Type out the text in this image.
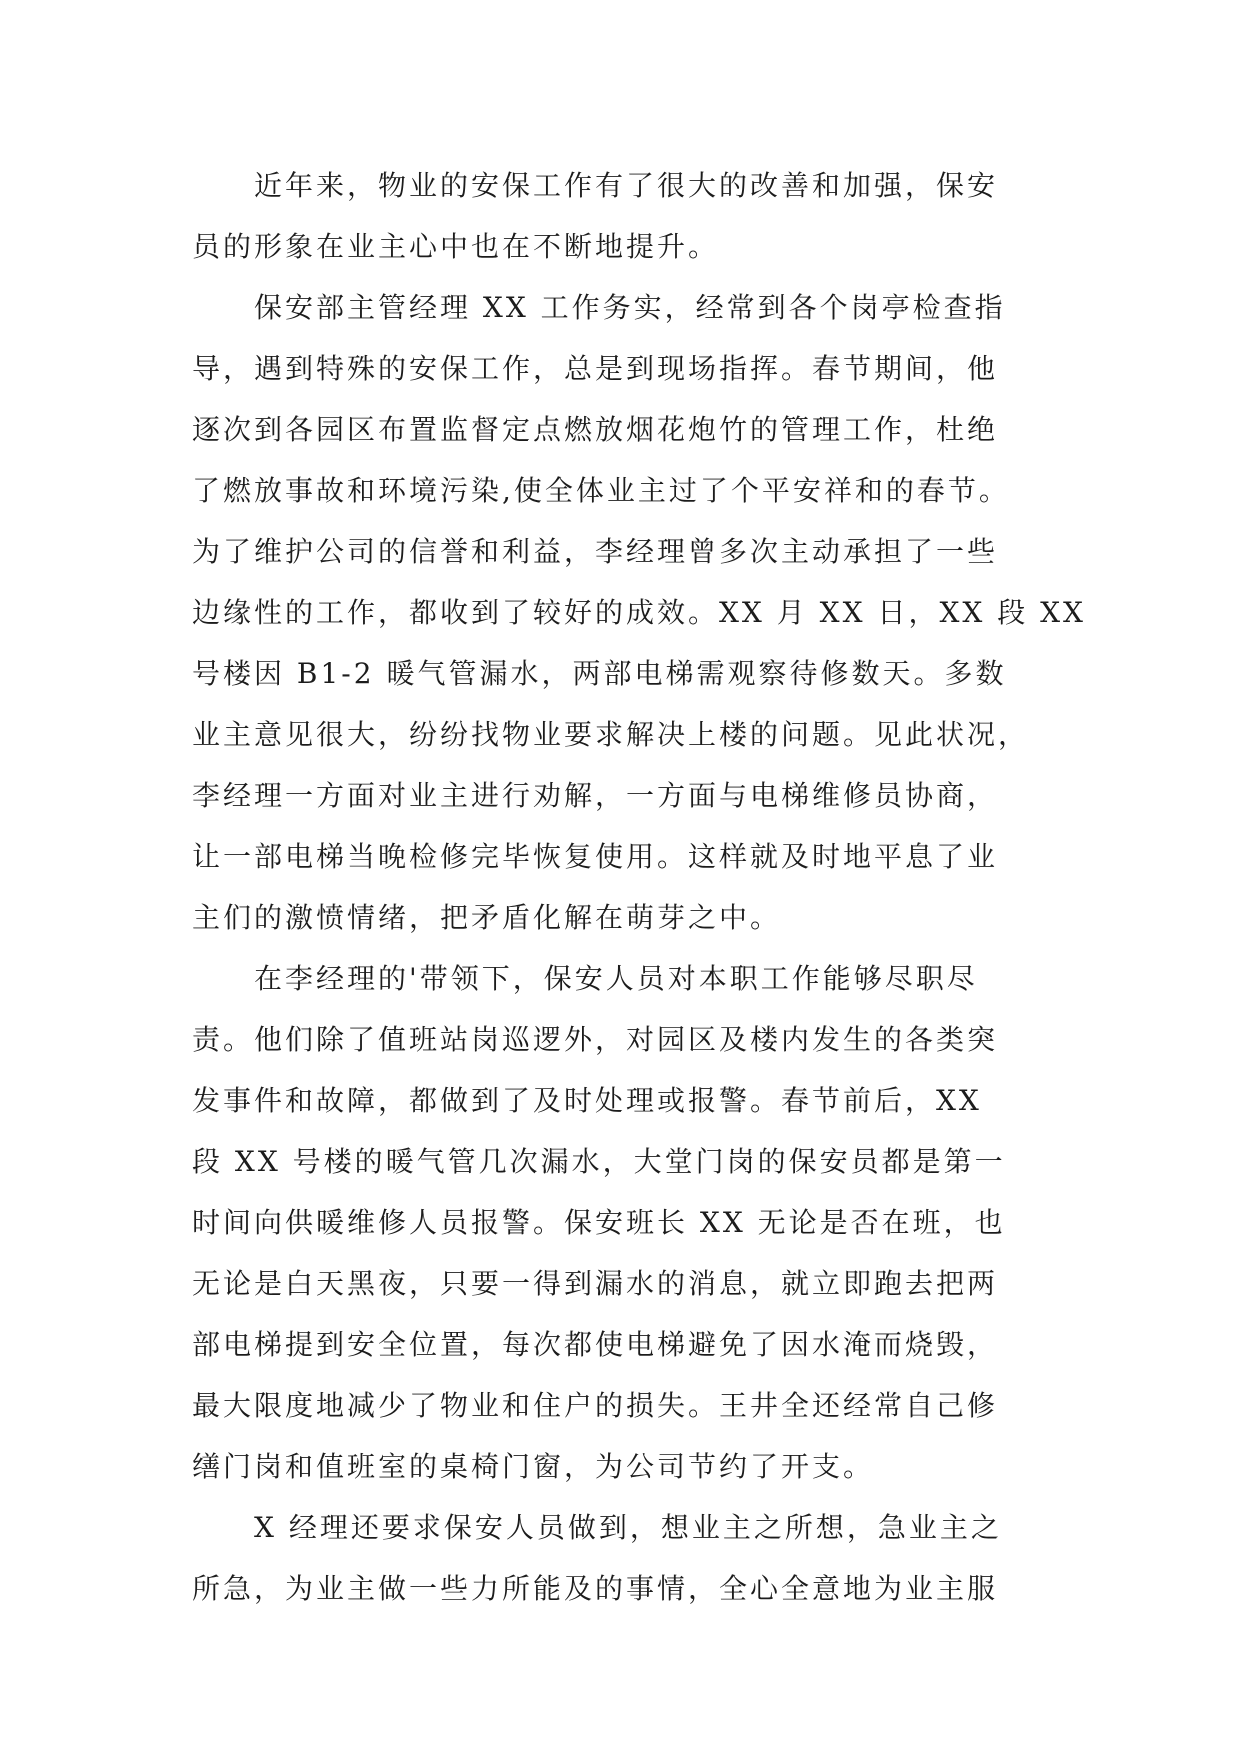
近年来，物业的安保工作有了很大的改善和加强，保安
员的形象在业主心中也在不断地提升。
保安部主管经理 XX 工作务实，经常到各个岗亭检查指
导，遇到特殊的安保工作，总是到现场指挥。春节期间，他
逐次到各园区布置监督定点燃放烟花炮竹的管理工作，杜绝
了燃放事故和环境污染,使全体业主过了个平安祥和的春节。
为了维护公司的信誉和利益，李经理曾多次主动承担了一些
边缘性的工作，都收到了较好的成效。XX 月 XX 日，XX 段 XX
号楼因 B1-2 暖气管漏水，两部电梯需观察待修数天。多数
业主意见很大，纷纷找物业要求解决上楼的问题。见此状况，
李经理一方面对业主进行劝解，一方面与电梯维修员协商，
让一部电梯当晚检修完毕恢复使用。这样就及时地平息了业
主们的激愤情绪，把矛盾化解在萌芽之中。
在李经理的'带领下，保安人员对本职工作能够尽职尽
责。他们除了值班站岗巡逻外，对园区及楼内发生的各类突
发事件和故障，都做到了及时处理或报警。春节前后，XX
段 XX 号楼的暖气管几次漏水，大堂门岗的保安员都是第一
时间向供暖维修人员报警。保安班长 XX 无论是否在班，也
无论是白天黑夜，只要一得到漏水的消息，就立即跑去把两
部电梯提到安全位置，每次都使电梯避免了因水淹而烧毁，
最大限度地减少了物业和住户的损失。王井全还经常自己修
缮门岗和值班室的桌椅门窗，为公司节约了开支。
X 经理还要求保安人员做到，想业主之所想，急业主之
所急，为业主做一些力所能及的事情，全心全意地为业主服
